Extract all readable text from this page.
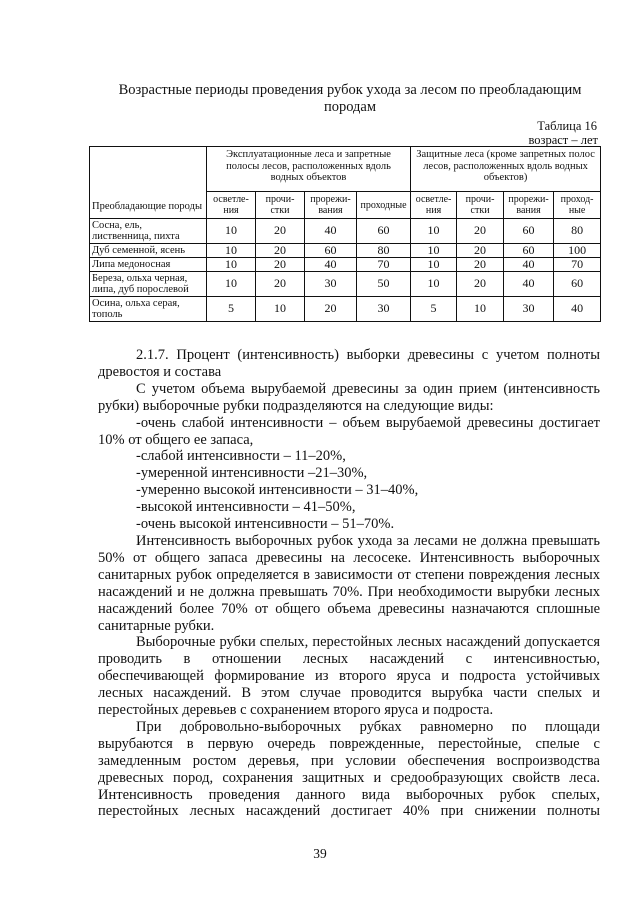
Возрастные периоды проведения рубок ухода за лесом по преобладающим породам
Таблица 16
возраст – лет
Преобладающие породы	Эксплуатационные леса и запретные полосы лесов, расположенных вдоль водных объектов				Защитные леса (кроме запретных полос лесов, расположенных вдоль водных объектов)			
	осветле-ния	прочи-стки	прорежи-вания	проходные	осветле-ния	прочи-стки	прорежи-вания	проход-ные
Сосна, ель, лиственница, пихта	10	20	40	60	10	20	60	80
Дуб семенной, ясень	10	20	60	80	10	20	60	100
Липа медоносная	10	20	40	70	10	20	40	70
Береза, ольха черная, липа, дуб порослевой	10	20	30	50	10	20	40	60
Осина, ольха серая, тополь	5	10	20	30	5	10	30	40

2.1.7. Процент (интенсивность) выборки древесины с учетом полноты древостоя и состава

С учетом объема вырубаемой древесины за один прием (интенсивность рубки) выборочные рубки подразделяются на следующие виды:

-очень слабой интенсивности – объем вырубаемой древесины достигает 10% от общего ее запаса,

-слабой интенсивности – 11–20%,

-умеренной интенсивности –21–30%,

-умеренно высокой интенсивности – 31–40%,

-высокой интенсивности – 41–50%,

-очень высокой интенсивности – 51–70%.

Интенсивность выборочных рубок ухода за лесами не должна превышать 50% от общего запаса древесины на лесосеке. Интенсивность выборочных санитарных рубок определяется в зависимости от степени повреждения лесных насаждений и не должна превышать 70%. При необходимости вырубки лесных насаждений более 70% от общего объема древесины назначаются сплошные санитарные рубки.

Выборочные рубки спелых, перестойных лесных насаждений допускается проводить в отношении лесных насаждений с интенсивностью, обеспечивающей формирование из второго яруса и подроста устойчивых лесных насаждений. В этом случае проводится вырубка части спелых и перестойных деревьев с сохранением второго яруса и подроста.

При добровольно-выборочных рубках равномерно по площади вырубаются в первую очередь поврежденные, перестойные, спелые с замедленным ростом деревья, при условии обеспечения воспроизводства древесных пород, сохранения защитных и средообразующих свойств леса. Интенсивность проведения данного вида выборочных рубок спелых, перестойных лесных насаждений достигает 40% при снижении полноты

39
